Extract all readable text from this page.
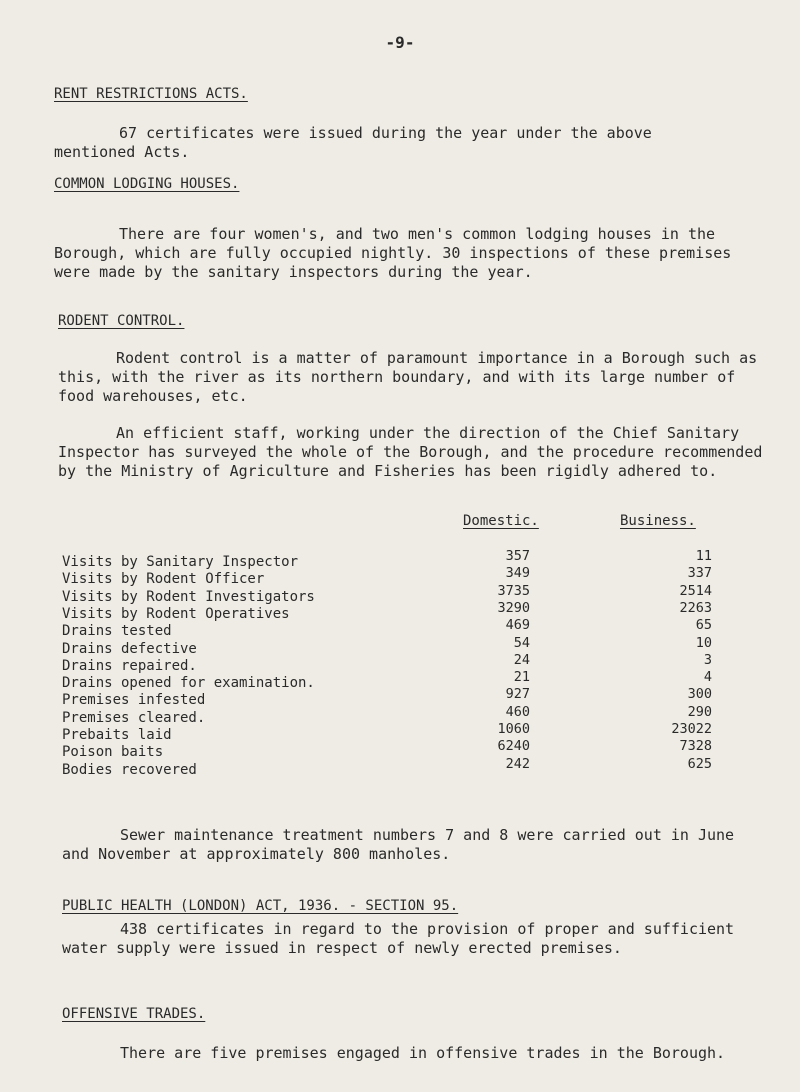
-9-
RENT RESTRICTIONS ACTS.
67 certificates were issued during the year under the above mentioned Acts.
COMMON LODGING HOUSES.
There are four women's, and two men's common lodging houses in the Borough, which are fully occupied nightly. 30 inspections of these premises were made by the sanitary inspectors during the year.
RODENT CONTROL.
Rodent control is a matter of paramount importance in a Borough such as this, with the river as its northern boundary, and with its large number of food warehouses, etc.
An efficient staff, working under the direction of the Chief Sanitary Inspector has surveyed the whole of the Borough, and the procedure recommended by the Ministry of Agriculture and Fisheries has been rigidly adhered to.
Domestic.	Business.
Visits by Sanitary Inspector	357	11
Visits by Rodent Officer	349	337
Visits by Rodent Investigators	3735	2514
Visits by Rodent Operatives	3290	2263
Drains tested	469	65
Drains defective	54	10
Drains repaired.	24	3
Drains opened for examination.	21	4
Premises infested	927	300
Premises cleared.	460	290
Prebaits laid	1060	23022
Poison baits	6240	7328
Bodies recovered	242	625
Sewer maintenance treatment numbers 7 and 8 were carried out in June and November at approximately 800 manholes.
PUBLIC HEALTH (LONDON) ACT, 1936. - SECTION 95.
438 certificates in regard to the provision of proper and sufficient water supply were issued in respect of newly erected premises.
OFFENSIVE TRADES.
There are five premises engaged in offensive trades in the Borough.
